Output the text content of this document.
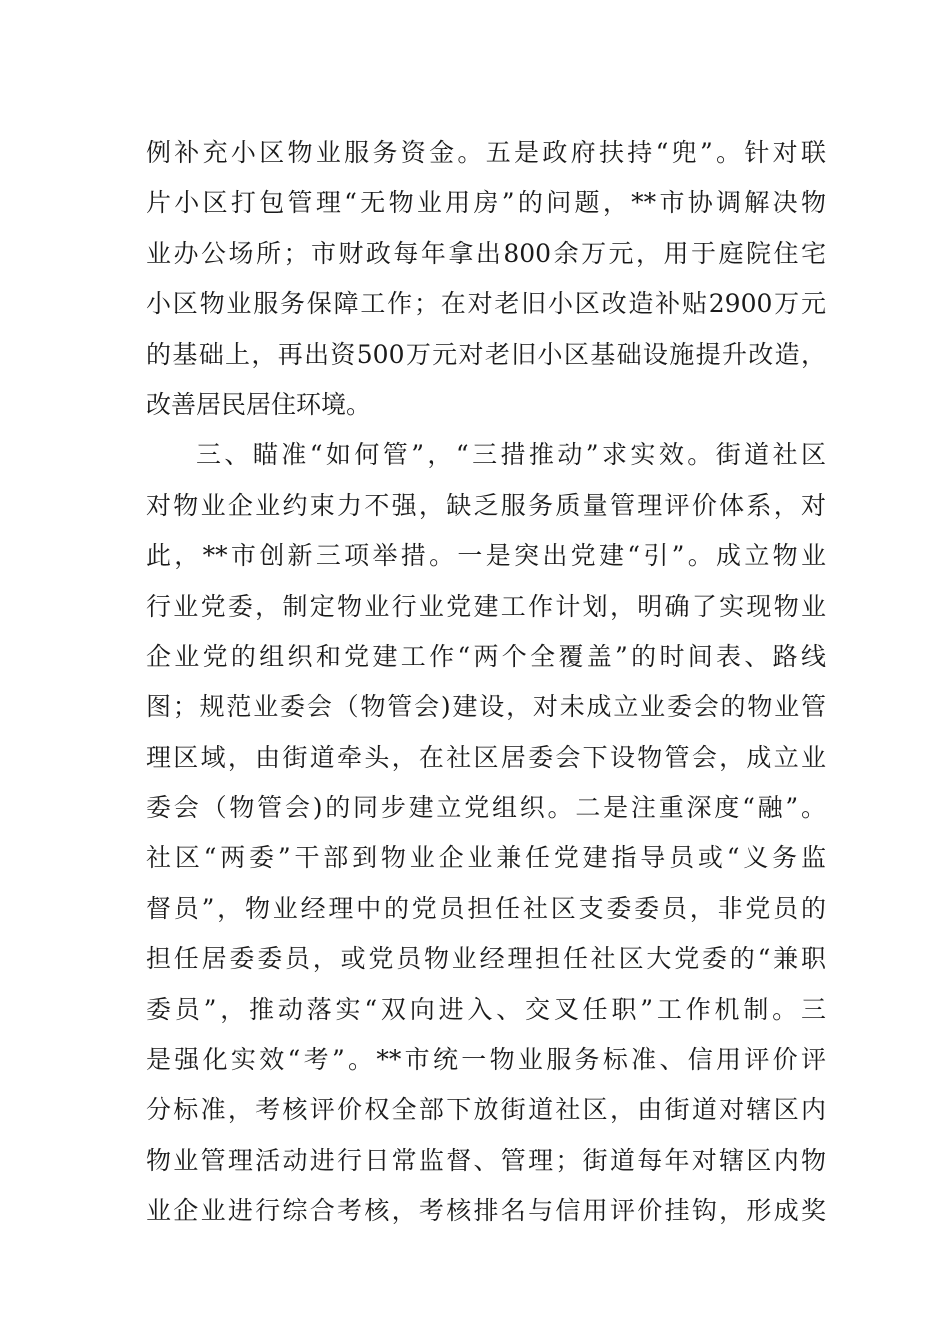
例补充小区物业服务资金。五是政府扶持“兜”。针对联
片小区打包管理“无物业用房”的问题，**市协调解决物
业办公场所；市财政每年拿出800余万元，用于庭院住宅
小区物业服务保障工作；在对老旧小区改造补贴2900万元
的基础上，再出资500万元对老旧小区基础设施提升改造，
改善居民居住环境。
三、瞄准“如何管”，“三措推动”求实效。街道社区
对物业企业约束力不强，缺乏服务质量管理评价体系，对
此，**市创新三项举措。一是突出党建“引”。成立物业
行业党委，制定物业行业党建工作计划，明确了实现物业
企业党的组织和党建工作“两个全覆盖”的时间表、路线
图；规范业委会（物管会)建设，对未成立业委会的物业管
理区域，由街道牵头，在社区居委会下设物管会，成立业
委会（物管会)的同步建立党组织。二是注重深度“融”。
社区“两委”干部到物业企业兼任党建指导员或“义务监
督员”，物业经理中的党员担任社区支委委员，非党员的
担任居委委员，或党员物业经理担任社区大党委的“兼职
委员”，推动落实“双向进入、交叉任职”工作机制。三
是强化实效“考”。**市统一物业服务标准、信用评价评
分标准，考核评价权全部下放街道社区，由街道对辖区内
物业管理活动进行日常监督、管理；街道每年对辖区内物
业企业进行综合考核，考核排名与信用评价挂钩，形成奖
